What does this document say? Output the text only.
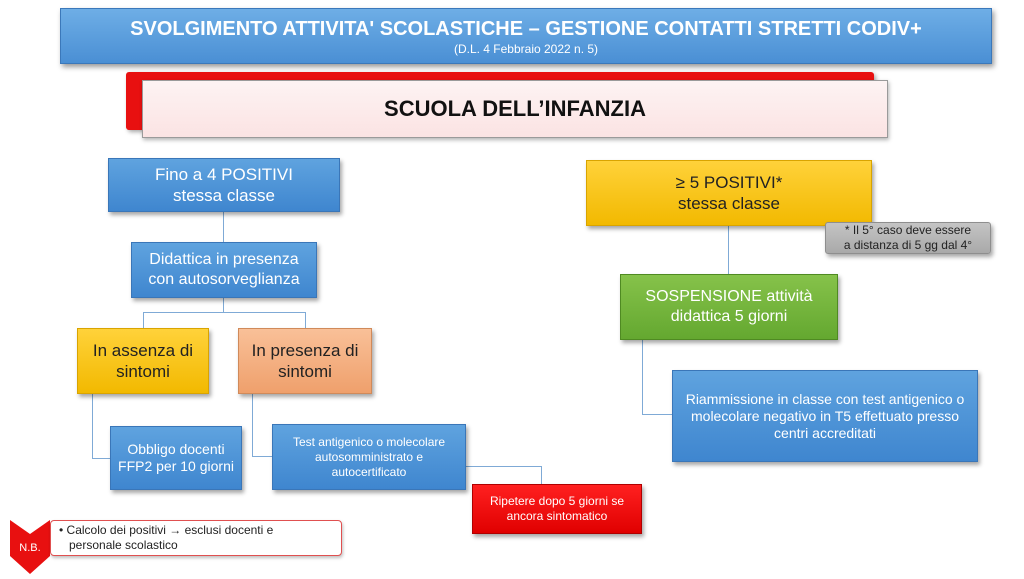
SVOLGIMENTO ATTIVITA' SCOLASTICHE – GESTIONE CONTATTI STRETTI CODIV+
(D.L. 4 Febbraio 2022 n. 5)
SCUOLA DELL’INFANZIA
Fino a 4 POSITIVI
stessa classe
Didattica in presenza
con autosorveglianza
In assenza di
sintomi
In presenza di
sintomi
Obbligo docenti
FFP2 per 10 giorni
Test antigenico o molecolare
autosomministrato e
autocertificato
Ripetere dopo 5 giorni se
ancora sintomatico
≥ 5 POSITIVI*
stessa classe
* Il 5° caso deve essere
a distanza di 5 gg dal 4°
SOSPENSIONE attività
didattica 5 giorni
Riammissione in classe con test antigenico o
molecolare negativo in T5 effettuato presso
centri accreditati
N.B.
• Calcolo dei positivi → esclusi docenti e
personale scolastico
